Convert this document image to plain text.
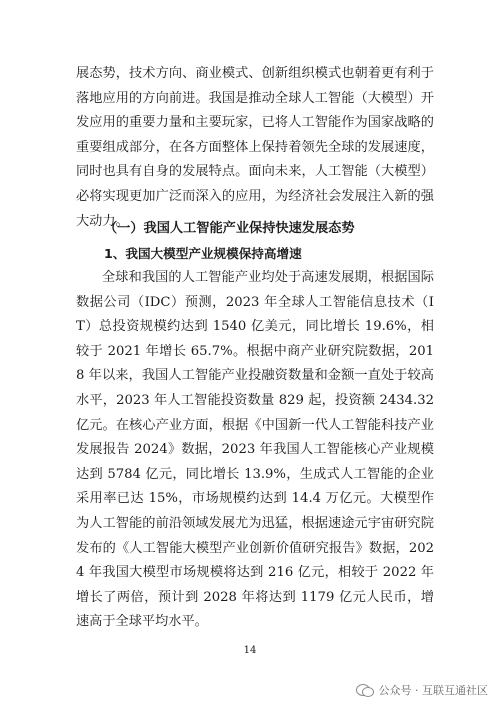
展态势，技术方向、商业模式、创新组织模式也朝着更有利于落地应用的方向前进。我国是推动全球人工智能（大模型）开发应用的重要力量和主要玩家，已将人工智能作为国家战略的重要组成部分，在各方面整体上保持着领先全球的发展速度，同时也具有自身的发展特点。面向未来，人工智能（大模型）必将实现更加广泛而深入的应用，为经济社会发展注入新的强大动力。

（一）我国人工智能产业保持快速发展态势
1、我国大模型产业规模保持高增速

全球和我国的人工智能产业均处于高速发展期，根据国际数据公司（IDC）预测，2023 年全球人工智能信息技术（IT）总投资规模约达到 1540 亿美元，同比增长 19.6%，相较于 2021 年增长 65.7%。根据中商产业研究院数据，2018 年以来，我国人工智能产业投融资数量和金额一直处于较高水平，2023 年人工智能投资数量 829 起，投资额 2434.32 亿元。在核心产业方面，根据《中国新一代人工智能科技产业发展报告 2024》数据，2023 年我国人工智能核心产业规模达到 5784 亿元，同比增长 13.9%，生成式人工智能的企业采用率已达 15%，市场规模约达到 14.4 万亿元。大模型作为人工智能的前沿领域发展尤为迅猛，根据速途元宇宙研究院发布的《人工智能大模型产业创新价值研究报告》数据，2024 年我国大模型市场规模将达到 216 亿元，相较于 2022 年增长了两倍，预计到 2028 年将达到 1179 亿元人民币，增速高于全球平均水平。

14
公众号 · 互联互通社区
